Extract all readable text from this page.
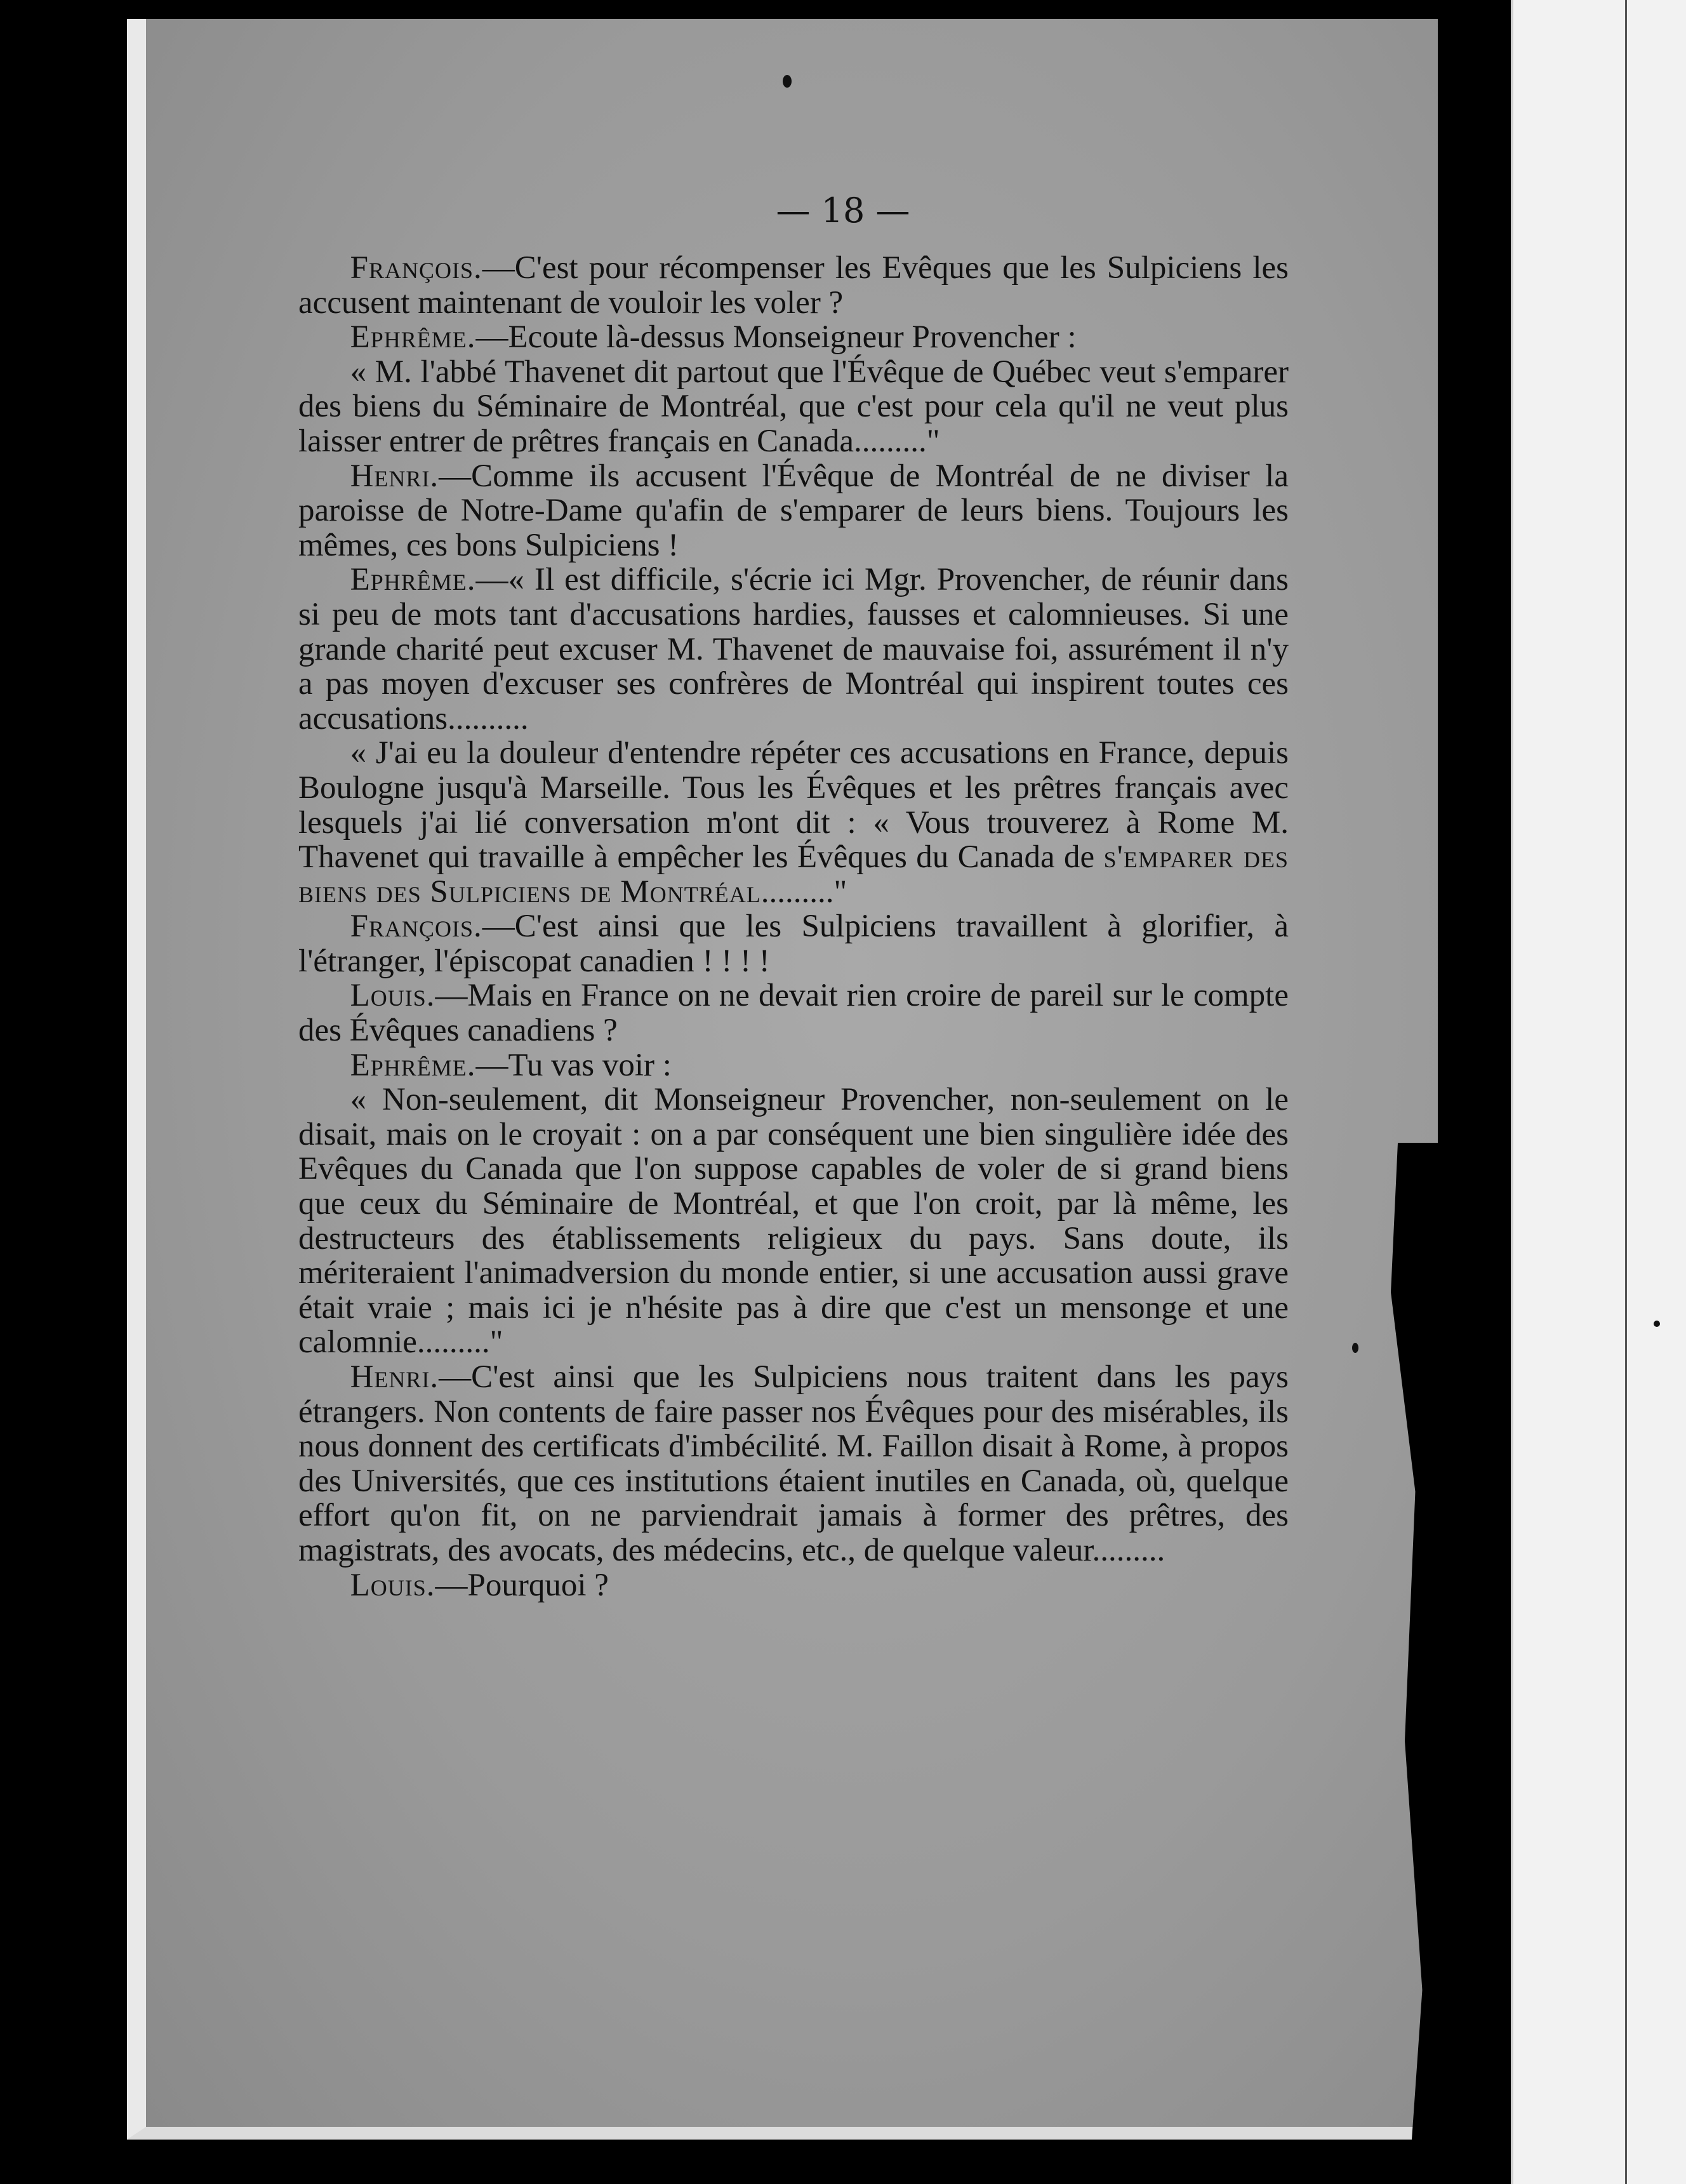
— 18 —

François.—C'est pour récompenser les Evêques que les Sulpiciens les accusent maintenant de vouloir les voler ?

Ephrême.—Ecoute là-dessus Monseigneur Provencher :

« M. l'abbé Thavenet dit partout que l'Évêque de Québec veut s'emparer des biens du Séminaire de Montréal, que c'est pour cela qu'il ne veut plus laisser entrer de prêtres français en Canada........."

Henri.—Comme ils accusent l'Évêque de Montréal de ne diviser la paroisse de Notre-Dame qu'afin de s'emparer de leurs biens. Toujours les mêmes, ces bons Sulpiciens !

Ephrême.—« Il est difficile, s'écrie ici Mgr. Provencher, de réunir dans si peu de mots tant d'accusations hardies, fausses et calomnieuses. Si une grande charité peut excuser M. Thavenet de mauvaise foi, assurément il n'y a pas moyen d'excuser ses confrères de Montréal qui inspirent toutes ces accusations..........

« J'ai eu la douleur d'entendre répéter ces accusations en France, depuis Boulogne jusqu'à Marseille. Tous les Évêques et les prêtres français avec lesquels j'ai lié conversation m'ont dit : « Vous trouverez à Rome M. Thavenet qui travaille à empêcher les Évêques du Canada de s'emparer des biens des Sulpiciens de Montréal........."

François.—C'est ainsi que les Sulpiciens travaillent à glorifier, à l'étranger, l'épiscopat canadien ! ! ! !

Louis.—Mais en France on ne devait rien croire de pareil sur le compte des Évêques canadiens ?

Ephrême.—Tu vas voir :

« Non-seulement, dit Monseigneur Provencher, non-seulement on le disait, mais on le croyait : on a par conséquent une bien singulière idée des Evêques du Canada que l'on suppose capables de voler de si grand biens que ceux du Séminaire de Montréal, et que l'on croit, par là même, les destructeurs des établissements religieux du pays. Sans doute, ils mériteraient l'animadversion du monde entier, si une accusation aussi grave était vraie ; mais ici je n'hésite pas à dire que c'est un mensonge et une calomnie........."

Henri.—C'est ainsi que les Sulpiciens nous traitent dans les pays étrangers. Non contents de faire passer nos Évêques pour des misérables, ils nous donnent des certificats d'imbécilité. M. Faillon disait à Rome, à propos des Universités, que ces institutions étaient inutiles en Canada, où, quelque effort qu'on fit, on ne parviendrait jamais à former des prêtres, des magistrats, des avocats, des médecins, etc., de quelque valeur.........

Louis.—Pourquoi ?
